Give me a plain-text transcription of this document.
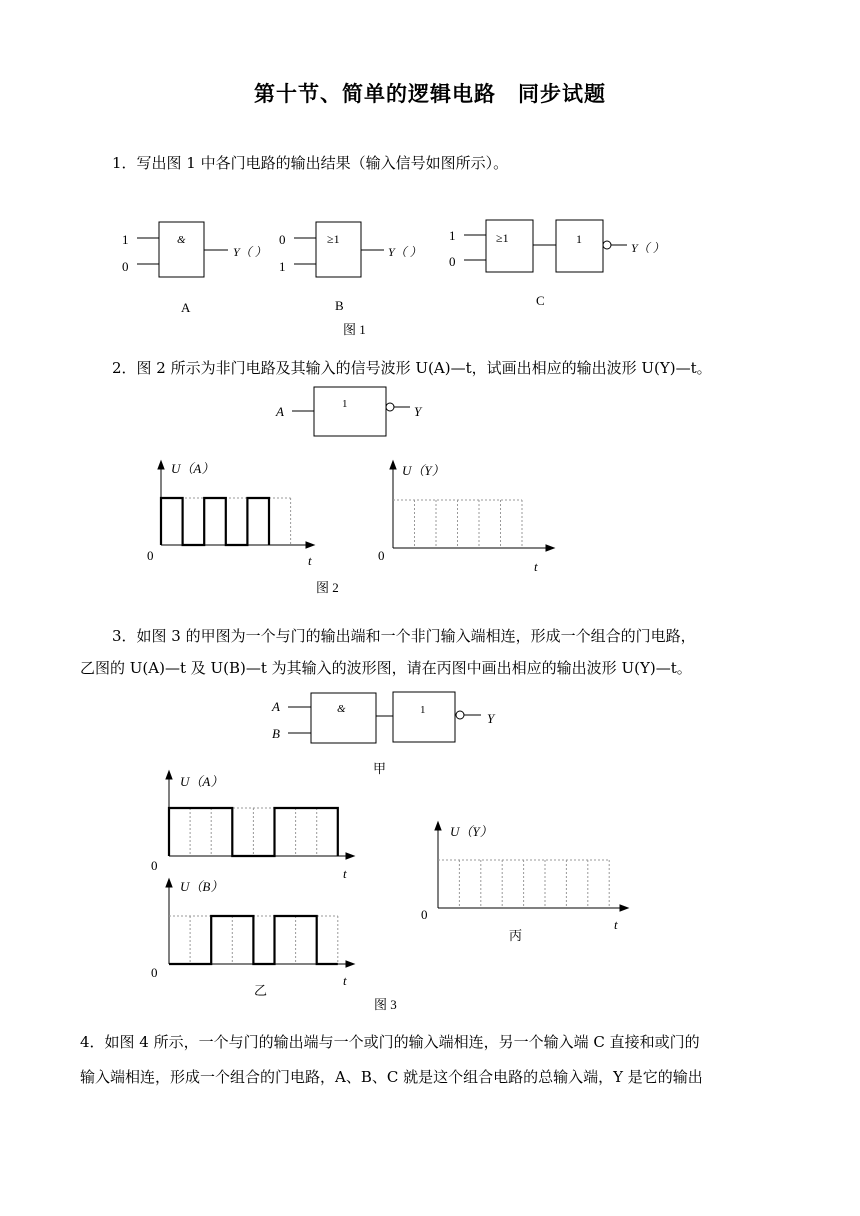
第十节、简单的逻辑电路　同步试题
1．写出图 1 中各门电路的输出结果（输入信号如图所示）。
1
0
&
Y（ ）
A
0
1
≥1
Y（ ）
B
1
0
≥1	1
Y（ ）
C
图 1
2．图 2 所示为非门电路及其输入的信号波形 U(A)—t，试画出相应的输出波形 U(Y)—t。
A	1	Y
U（A）
0	t
U（Y）
0
t
图 2
3．如图 3 的甲图为一个与门的输出端和一个非门输入端相连，形成一个组合的门电路，
乙图的 U(A)—t 及 U(B)—t 为其输入的波形图，请在丙图中画出相应的输出波形 U(Y)—t。
A
B
&	1
Y
甲
U（A）
0
t
U（B）
0
t
乙
U（Y）
0
t
丙
图 3
4．如图 4 所示，一个与门的输出端与一个或门的输入端相连，另一个输入端 C 直接和或门的
输入端相连，形成一个组合的门电路，A、B、C 就是这个组合电路的总输入端，Y 是它的输出
